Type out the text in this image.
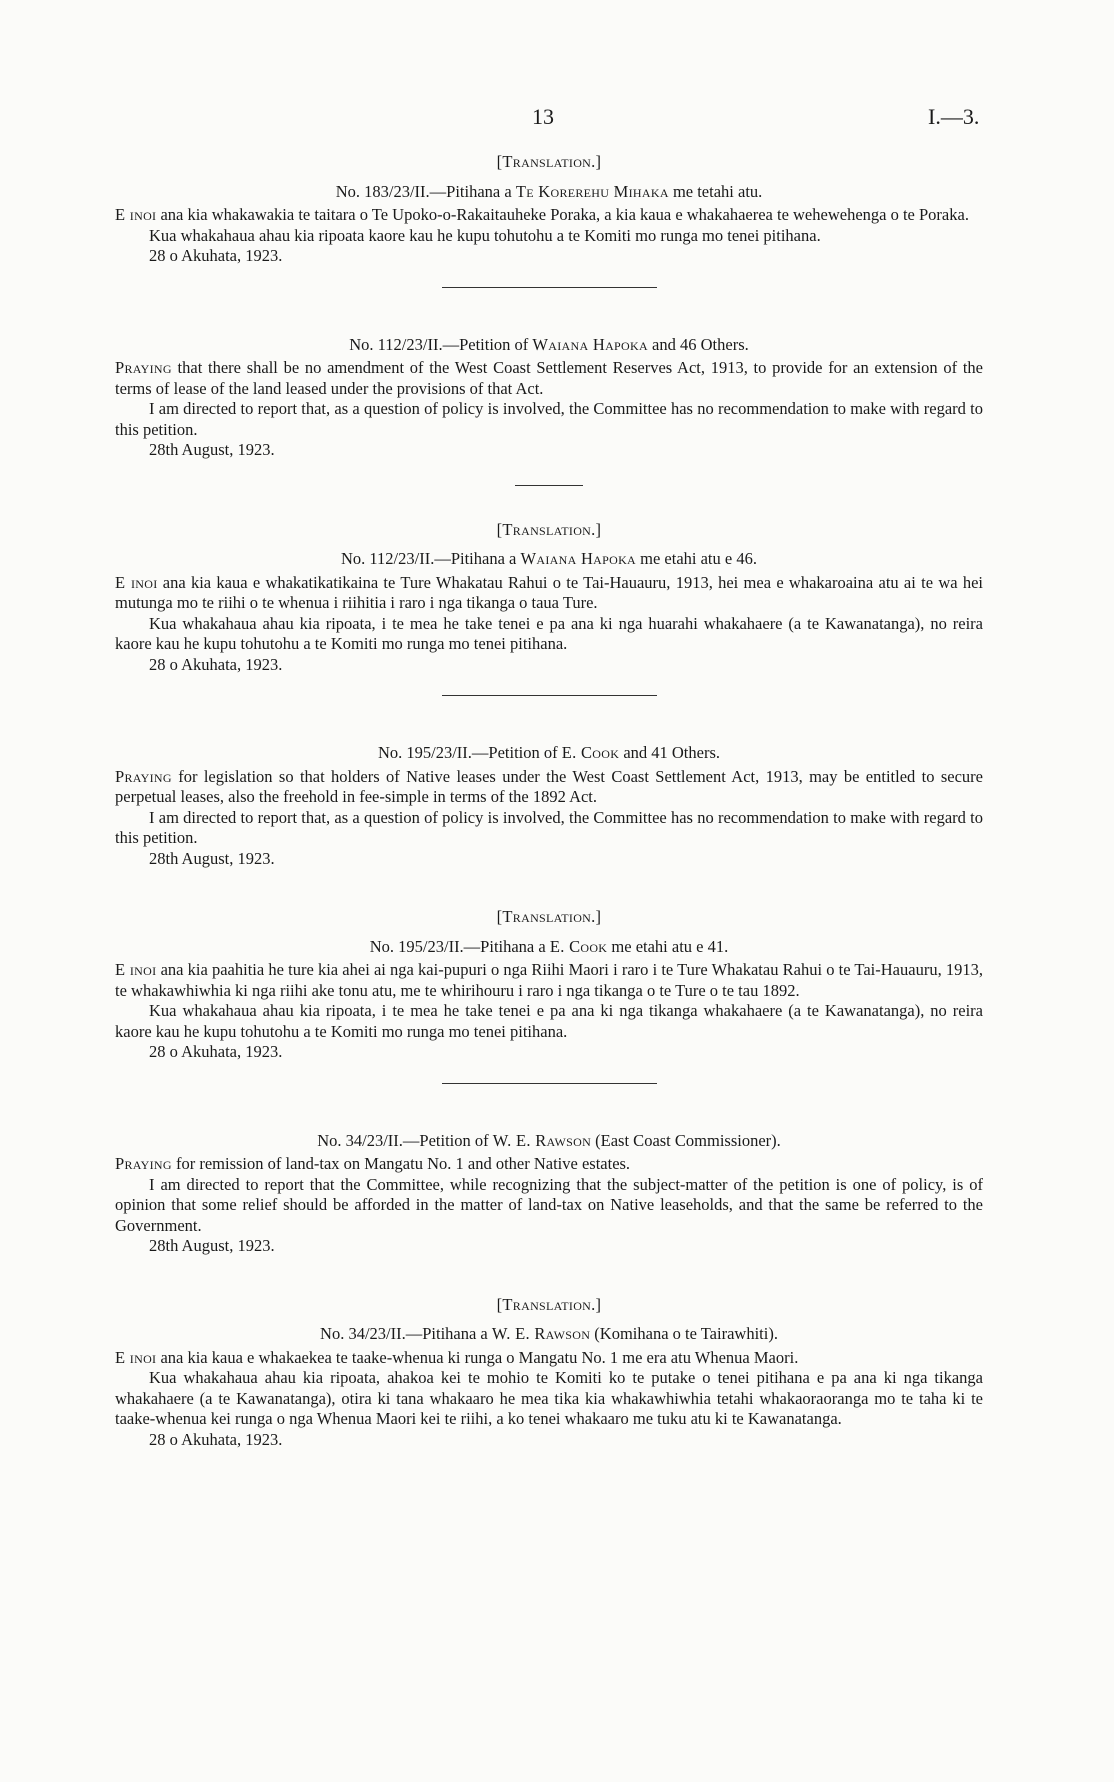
13	I.—3.
[Translation.]
No. 183/23/II.—Pitihana a Te Korerehu Mihaka me tetahi atu.

E inoi ana kia whakawakia te taitara o Te Upoko-o-Rakaitauheke Poraka, a kia kaua e whakahaerea te wehewehenga o te Poraka.

Kua whakahaua ahau kia ripoata kaore kau he kupu tohutohu a te Komiti mo runga mo tenei pitihana.

28 o Akuhata, 1923.
No. 112/23/II.—Petition of Waiana Hapoka and 46 Others.

Praying that there shall be no amendment of the West Coast Settlement Reserves Act, 1913, to provide for an extension of the terms of lease of the land leased under the provisions of that Act.

I am directed to report that, as a question of policy is involved, the Committee has no recommendation to make with regard to this petition.

28th August, 1923.
[Translation.]
No. 112/23/II.—Pitihana a Waiana Hapoka me etahi atu e 46.

E inoi ana kia kaua e whakatikatikaina te Ture Whakatau Rahui o te Tai-Hauauru, 1913, hei mea e whakaroaina atu ai te wa hei mutunga mo te riihi o te whenua i riihitia i raro i nga tikanga o taua Ture.

Kua whakahaua ahau kia ripoata, i te mea he take tenei e pa ana ki nga huarahi whakahaere (a te Kawanatanga), no reira kaore kau he kupu tohutohu a te Komiti mo runga mo tenei pitihana.

28 o Akuhata, 1923.
No. 195/23/II.—Petition of E. Cook and 41 Others.

Praying for legislation so that holders of Native leases under the West Coast Settlement Act, 1913, may be entitled to secure perpetual leases, also the freehold in fee-simple in terms of the 1892 Act.

I am directed to report that, as a question of policy is involved, the Committee has no recommendation to make with regard to this petition.

28th August, 1923.
[Translation.]
No. 195/23/II.—Pitihana a E. Cook me etahi atu e 41.

E inoi ana kia paahitia he ture kia ahei ai nga kai-pupuri o nga Riihi Maori i raro i te Ture Whakatau Rahui o te Tai-Hauauru, 1913, te whakawhiwhia ki nga riihi ake tonu atu, me te whirihouru i raro i nga tikanga o te Ture o te tau 1892.

Kua whakahaua ahau kia ripoata, i te mea he take tenei e pa ana ki nga tikanga whakahaere (a te Kawanatanga), no reira kaore kau he kupu tohutohu a te Komiti mo runga mo tenei pitihana.

28 o Akuhata, 1923.
No. 34/23/II.—Petition of W. E. Rawson (East Coast Commissioner).

Praying for remission of land-tax on Mangatu No. 1 and other Native estates.

I am directed to report that the Committee, while recognizing that the subject-matter of the petition is one of policy, is of opinion that some relief should be afforded in the matter of land-tax on Native leaseholds, and that the same be referred to the Government.

28th August, 1923.
[Translation.]
No. 34/23/II.—Pitihana a W. E. Rawson (Komihana o te Tairawhiti).

E inoi ana kia kaua e whakaekea te taake-whenua ki runga o Mangatu No. 1 me era atu Whenua Maori.

Kua whakahaua ahau kia ripoata, ahakoa kei te mohio te Komiti ko te putake o tenei pitihana e pa ana ki nga tikanga whakahaere (a te Kawanatanga), otira ki tana whakaaro he mea tika kia whakawhiwhia tetahi whakaoraoranga mo te taha ki te taake-whenua kei runga o nga Whenua Maori kei te riihi, a ko tenei whakaaro me tuku atu ki te Kawanatanga.

28 o Akuhata, 1923.
